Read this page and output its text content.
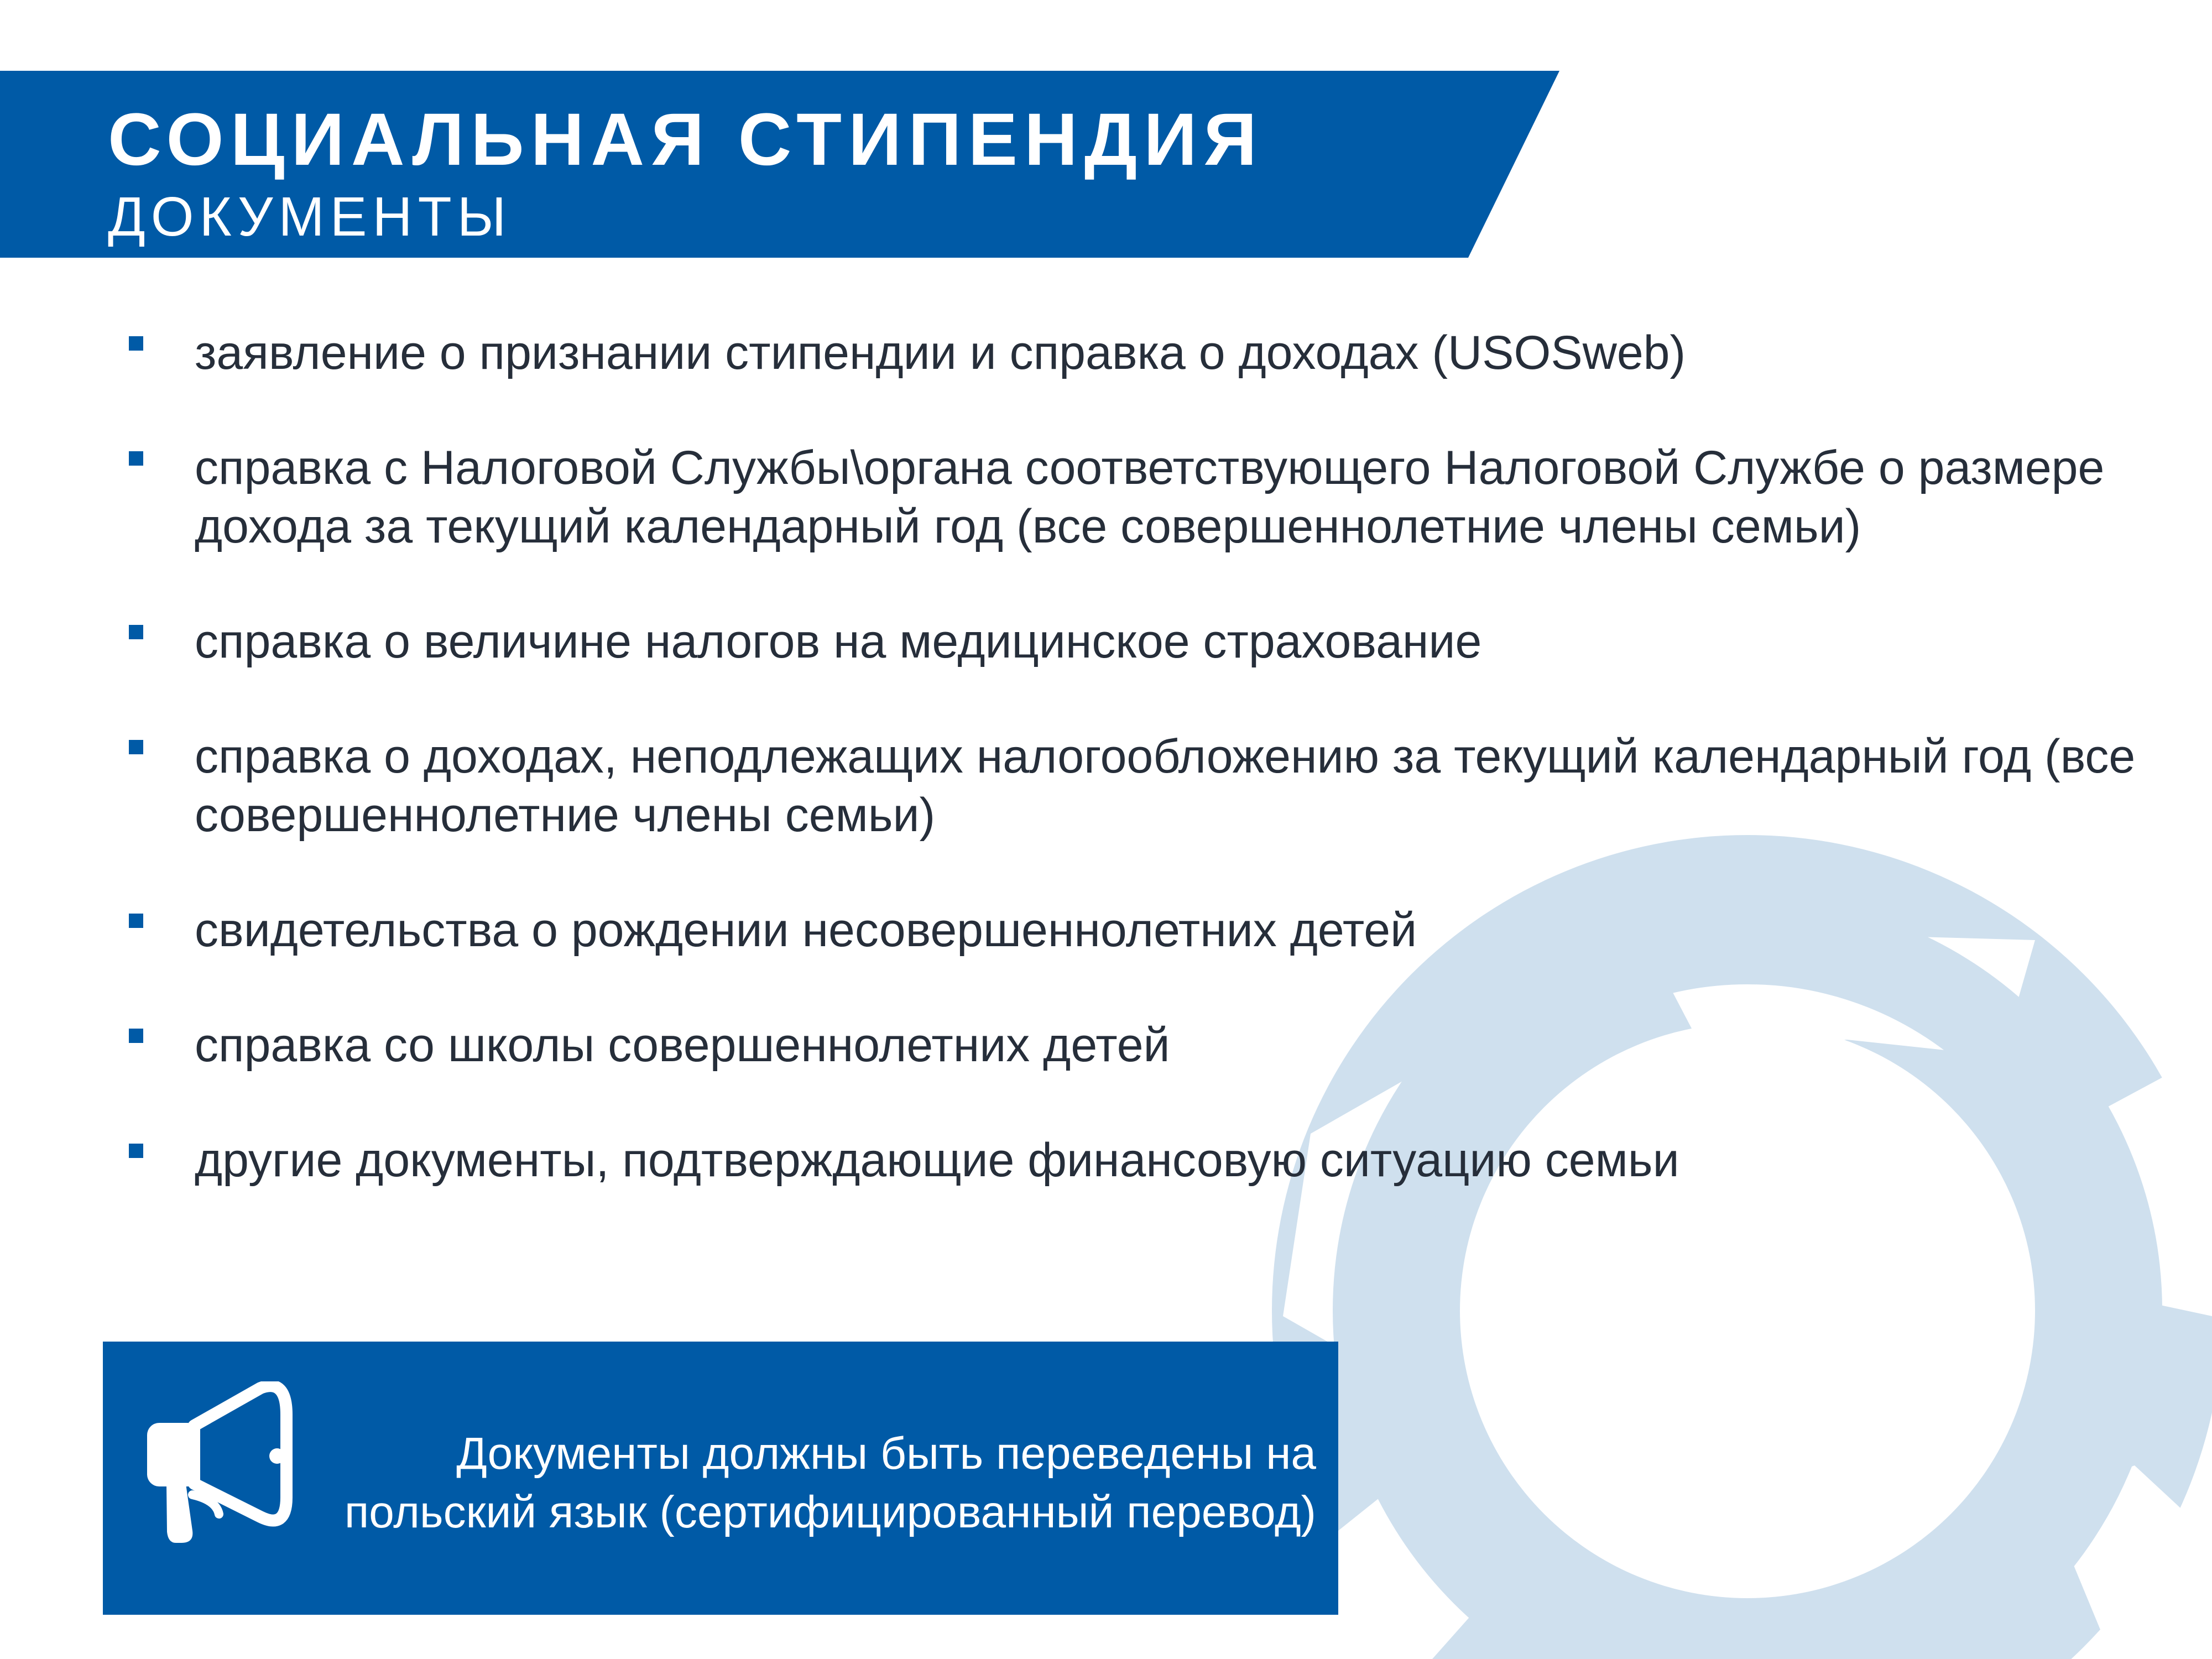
СОЦИАЛЬНАЯ СТИПЕНДИЯ
ДОКУМЕНТЫ
заявление о признании стипендии и справка о доходах (USOSweb)
справка с Налоговой Службы\органа соответствующего Налоговой Службе о размере дохода за текущий календарный год (все совершеннолетние члены семьи)
справка о величине налогов на медицинское страхование
справка о доходах, неподлежащих налогообложению за текущий календарный год (все совершеннолетние члены семьи)
свидетельства о рождении несовершеннолетних детей
справка со школы совершеннолетних детей
другие документы, подтверждающие финансовую ситуацию семьи
Документы должны быть переведены на польский язык (сертифицированный перевод)
